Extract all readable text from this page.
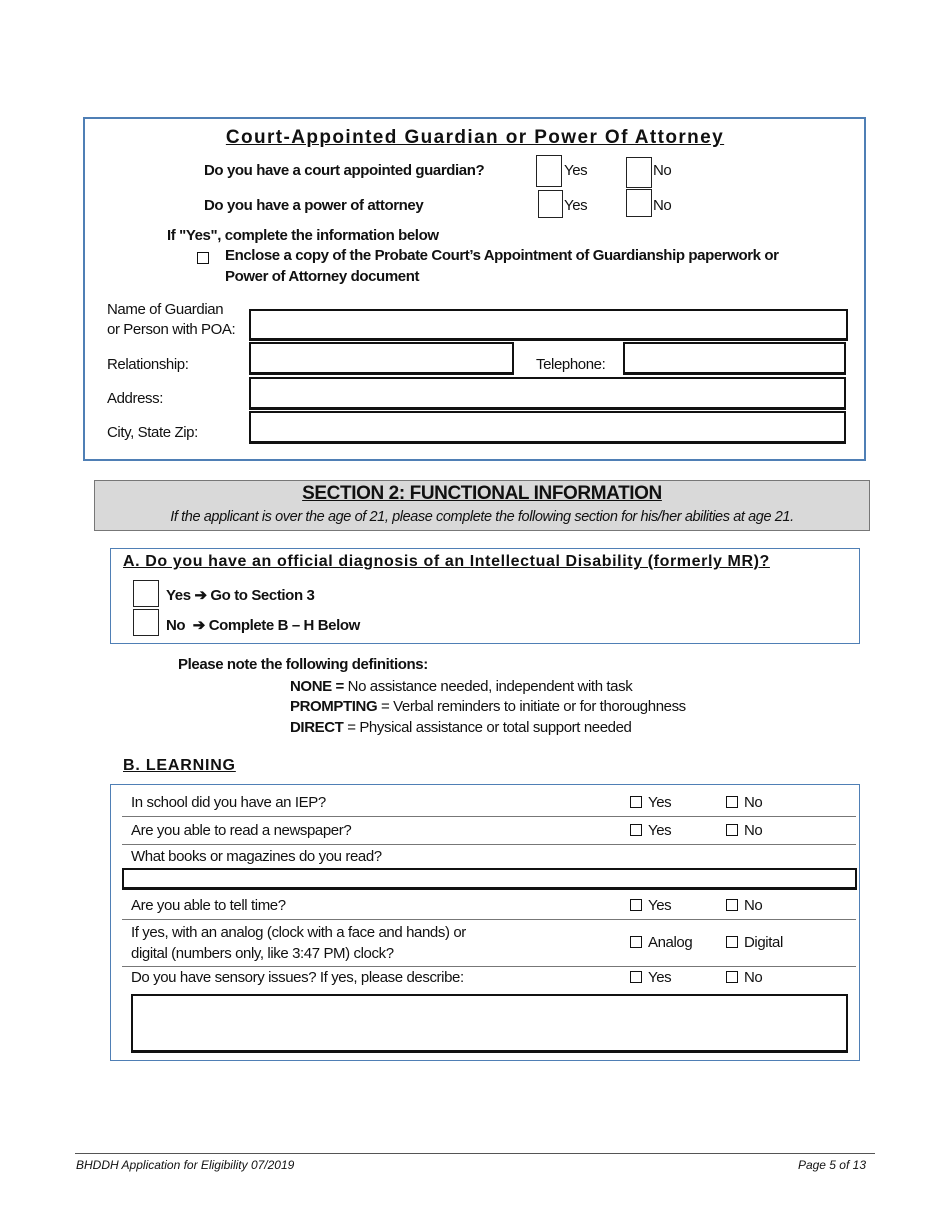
Court-Appointed Guardian or Power Of Attorney
Do you have a court appointed guardian?	Yes	No
Do you have a power of attorney	Yes	No
If "Yes", complete the information below
Enclose a copy of the Probate Court’s Appointment of Guardianship paperwork or
Power of Attorney document
Name of Guardian
or Person with POA:
Relationship:	Telephone:
Address:
City, State Zip:
SECTION 2: FUNCTIONAL INFORMATION
If the applicant is over the age of 21, please complete the following section for his/her abilities at age 21.
A. Do you have an official diagnosis of an Intellectual Disability (formerly MR)?
Yes ➔ Go to Section 3
No ➔ Complete B – H Below
Please note the following definitions:
NONE = No assistance needed, independent with task
PROMPTING = Verbal reminders to initiate or for thoroughness
DIRECT = Physical assistance or total support needed
B. LEARNING
In school did you have an IEP?	Yes	No
Are you able to read a newspaper?	Yes	No
What books or magazines do you read?
Are you able to tell time?	Yes	No
If yes, with an analog (clock with a face and hands) or
digital (numbers only, like 3:47 PM) clock?
Analog	Digital
Do you have sensory issues? If yes, please describe:	Yes	No
BHDDH Application for Eligibility 07/2019	Page 5 of 13
